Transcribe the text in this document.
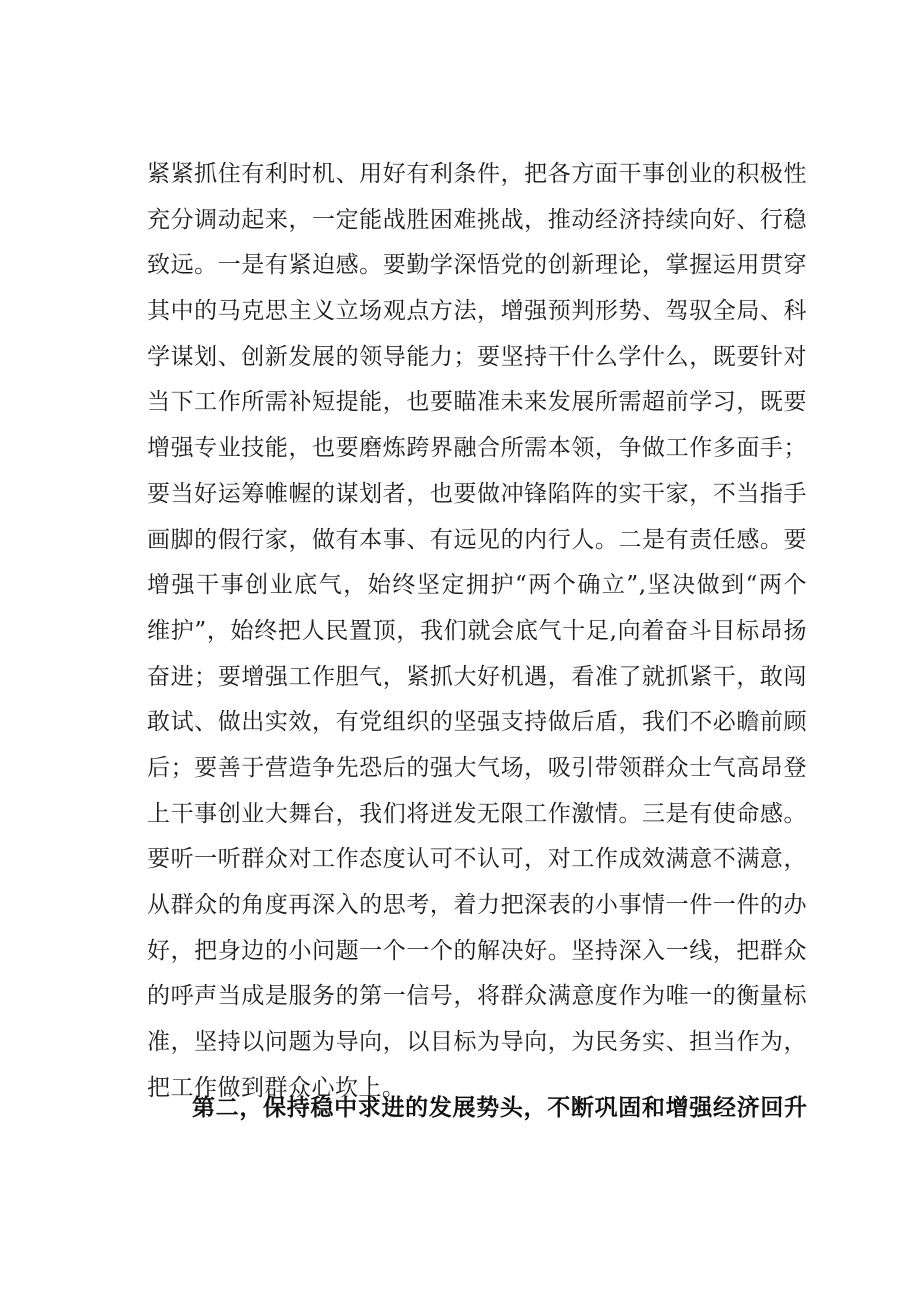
紧紧抓住有利时机、用好有利条件，把各方面干事创业的积极性
充分调动起来，一定能战胜困难挑战，推动经济持续向好、行稳
致远。一是有紧迫感。要勤学深悟党的创新理论，掌握运用贯穿
其中的马克思主义立场观点方法，增强预判形势、驾驭全局、科
学谋划、创新发展的领导能力；要坚持干什么学什么，既要针对
当下工作所需补短提能，也要瞄准未来发展所需超前学习，既要
增强专业技能，也要磨炼跨界融合所需本领，争做工作多面手；
要当好运筹帷幄的谋划者，也要做冲锋陷阵的实干家，不当指手
画脚的假行家，做有本事、有远见的内行人。二是有责任感。要
增强干事创业底气，始终坚定拥护“两个确立”,坚决做到“两个
维护”，始终把人民置顶，我们就会底气十足,向着奋斗目标昂扬
奋进；要增强工作胆气，紧抓大好机遇，看准了就抓紧干，敢闯
敢试、做出实效，有党组织的坚强支持做后盾，我们不必瞻前顾
后；要善于营造争先恐后的强大气场，吸引带领群众士气高昂登
上干事创业大舞台，我们将迸发无限工作激情。三是有使命感。
要听一听群众对工作态度认可不认可，对工作成效满意不满意，
从群众的角度再深入的思考，着力把深表的小事情一件一件的办
好，把身边的小问题一个一个的解决好。坚持深入一线，把群众
的呼声当成是服务的第一信号，将群众满意度作为唯一的衡量标
准，坚持以问题为导向，以目标为导向，为民务实、担当作为，
把工作做到群众心坎上。
第二，保持稳中求进的发展势头，不断巩固和增强经济回升
